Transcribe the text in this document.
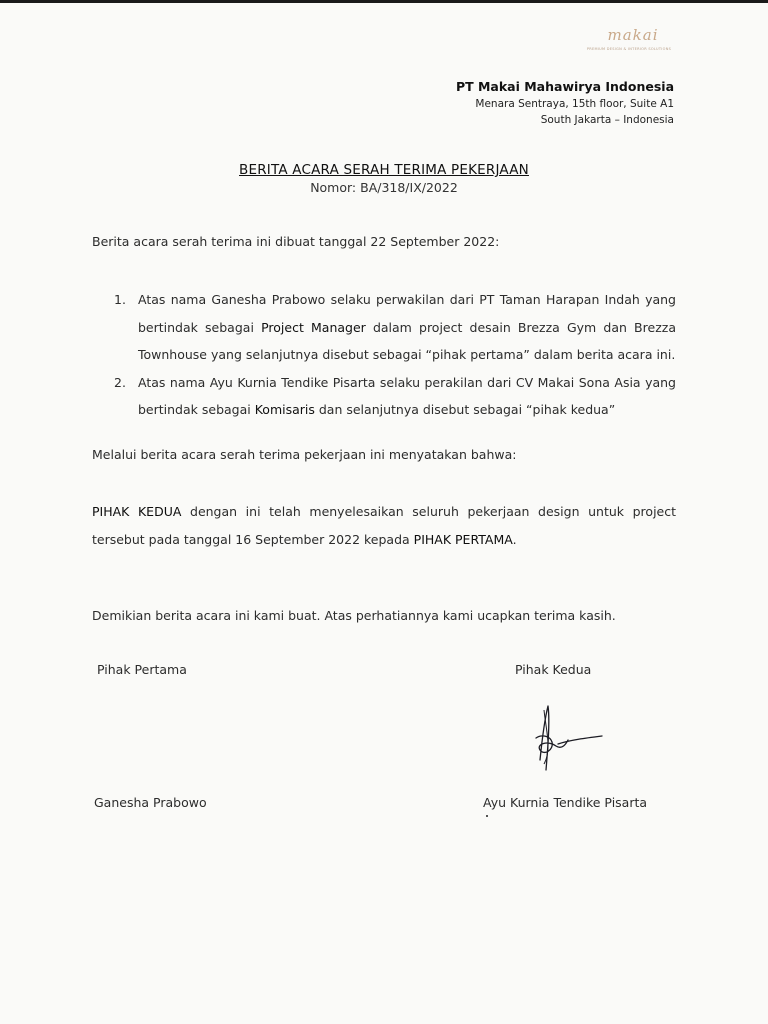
makai
PREMIUM DESIGN & INTERIOR SOLUTIONS
PT Makai Mahawirya Indonesia
Menara Sentraya, 15th floor, Suite A1
South Jakarta – Indonesia
BERITA ACARA SERAH TERIMA PEKERJAAN
Nomor: BA/318/IX/2022
Berita acara serah terima ini dibuat tanggal 22 September 2022:
1. Atas nama Ganesha Prabowo selaku perwakilan dari PT Taman Harapan Indah yang bertindak sebagai Project Manager dalam project desain Brezza Gym dan Brezza Townhouse yang selanjutnya disebut sebagai “pihak pertama” dalam berita acara ini.
2. Atas nama Ayu Kurnia Tendike Pisarta selaku perakilan dari CV Makai Sona Asia yang bertindak sebagai Komisaris dan selanjutnya disebut sebagai “pihak kedua”
Melalui berita acara serah terima pekerjaan ini menyatakan bahwa:
PIHAK KEDUA dengan ini telah menyelesaikan seluruh pekerjaan design untuk project tersebut pada tanggal 16 September 2022 kepada PIHAK PERTAMA.
Demikian berita acara ini kami buat. Atas perhatiannya kami ucapkan terima kasih.
Pihak Pertama	Pihak Kedua
Ganesha Prabowo	Ayu Kurnia Tendike Pisarta
